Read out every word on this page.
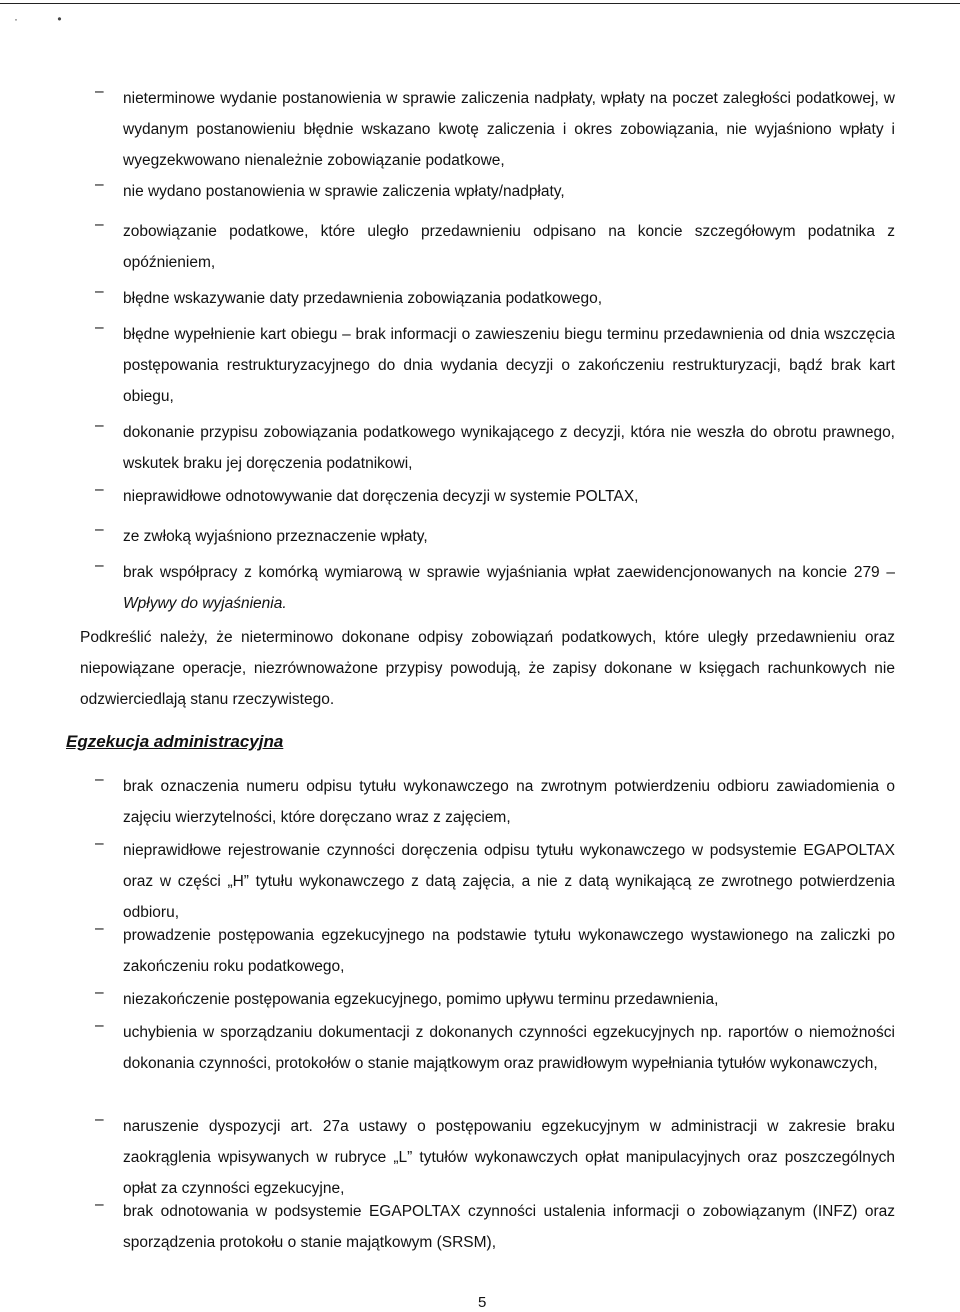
· •
– nieterminowe wydanie postanowienia w sprawie zaliczenia nadpłaty, wpłaty na poczet zaległości podatkowej, w wydanym postanowieniu błędnie wskazano kwotę zaliczenia i okres zobowiązania, nie wyjaśniono wpłaty i wyegzekwowano nienależnie zobowiązanie podatkowe,
– nie wydano postanowienia w sprawie zaliczenia wpłaty/nadpłaty,
– zobowiązanie podatkowe, które uległo przedawnieniu odpisano na koncie szczegółowym podatnika z opóźnieniem,
– błędne wskazywanie daty przedawnienia zobowiązania podatkowego,
– błędne wypełnienie kart obiegu – brak informacji o zawieszeniu biegu terminu przedawnienia od dnia wszczęcia postępowania restrukturyzacyjnego do dnia wydania decyzji o zakończeniu restrukturyzacji, bądź brak kart obiegu,
– dokonanie przypisu zobowiązania podatkowego wynikającego z decyzji, która nie weszła do obrotu prawnego, wskutek braku jej doręczenia podatnikowi,
– nieprawidłowe odnotowywanie dat doręczenia decyzji w systemie POLTAX,
– ze zwłoką wyjaśniono przeznaczenie wpłaty,
– brak współpracy z komórką wymiarową w sprawie wyjaśniania wpłat zaewidencjonowanych na koncie 279 – Wpływy do wyjaśnienia.
Podkreślić należy, że nieterminowo dokonane odpisy zobowiązań podatkowych, które uległy przedawnieniu oraz niepowiązane operacje, niezrównoważone przypisy powodują, że zapisy dokonane w księgach rachunkowych nie odzwierciedlają stanu rzeczywistego.
Egzekucja administracyjna
– brak oznaczenia numeru odpisu tytułu wykonawczego na zwrotnym potwierdzeniu odbioru zawiadomienia o zajęciu wierzytelności, które doręczano wraz z zajęciem,
– nieprawidłowe rejestrowanie czynności doręczenia odpisu tytułu wykonawczego w podsystemie EGAPOLTAX oraz w części „H” tytułu wykonawczego z datą zajęcia, a nie z datą wynikającą ze zwrotnego potwierdzenia odbioru,
– prowadzenie postępowania egzekucyjnego na podstawie tytułu wykonawczego wystawionego na zaliczki po zakończeniu roku podatkowego,
– niezakończenie postępowania egzekucyjnego, pomimo upływu terminu przedawnienia,
– uchybienia w sporządzaniu dokumentacji z dokonanych czynności egzekucyjnych np. raportów o niemożności dokonania czynności, protokołów o stanie majątkowym oraz prawidłowym wypełniania tytułów wykonawczych,
– naruszenie dyspozycji art. 27a ustawy o postępowaniu egzekucyjnym w administracji w zakresie braku zaokrąglenia wpisywanych w rubryce „L” tytułów wykonawczych opłat manipulacyjnych oraz poszczególnych opłat za czynności egzekucyjne,
– brak odnotowania w podsystemie EGAPOLTAX czynności ustalenia informacji o zobowiązanym (INFZ) oraz sporządzenia protokołu o stanie majątkowym (SRSM),
5
